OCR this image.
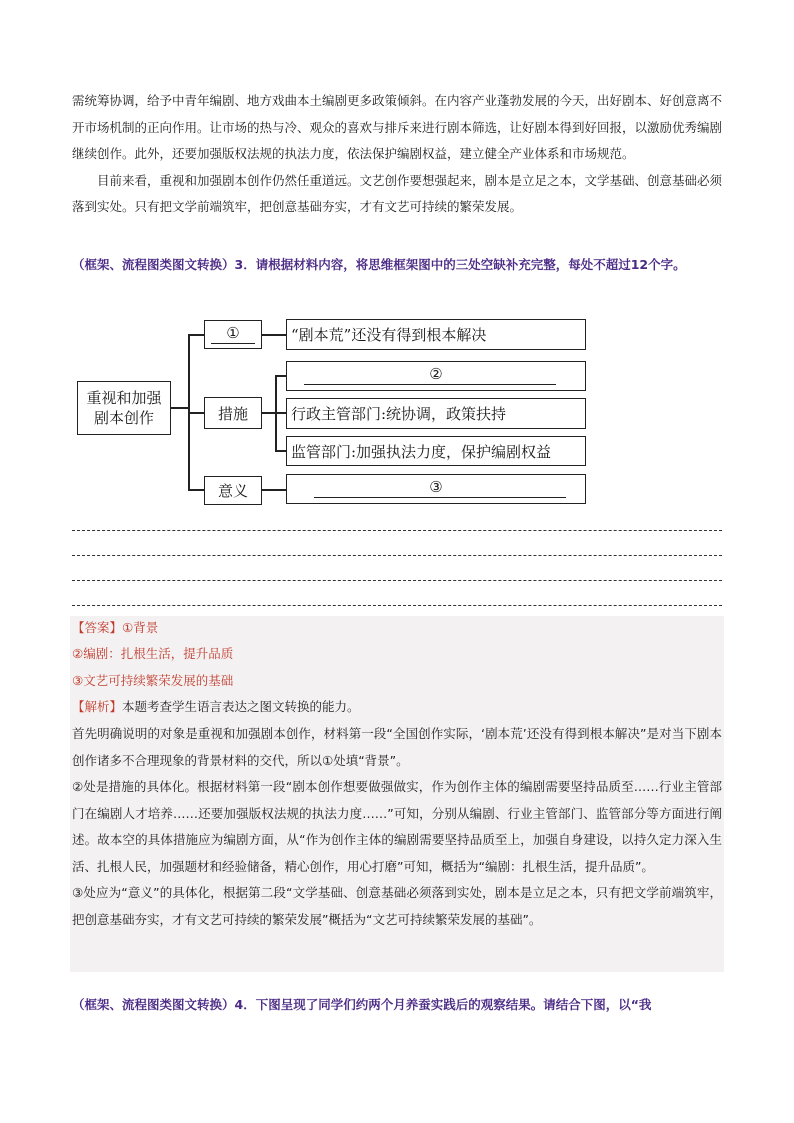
需统筹协调，给予中青年编剧、地方戏曲本土编剧更多政策倾斜。在内容产业蓬勃发展的今天，出好剧本、好创意离不开市场机制的正向作用。让市场的热与冷、观众的喜欢与排斥来进行剧本筛选，让好剧本得到好回报，以激励优秀编剧继续创作。此外，还要加强版权法规的执法力度，依法保护编剧权益，建立健全产业体系和市场规范。

目前来看，重视和加强剧本创作仍然任重道远。文艺创作要想强起来，剧本是立足之本，文学基础、创意基础必须落到实处。只有把文学前端筑牢，把创意基础夯实，才有文艺可持续的繁荣发展。

（框架、流程图类图文转换）3．请根据材料内容，将思维框架图中的三处空缺补充完整，每处不超过12个字。
重视和加强剧本创作
①	“剧本荒”还没有得到根本解决
措施
②
行政主管部门:统协调，政策扶持
监管部门:加强执法力度，保护编剧权益
意义	③
【答案】①背景
②编剧：扎根生活，提升品质
③文艺可持续繁荣发展的基础
【解析】本题考查学生语言表达之图文转换的能力。

首先明确说明的对象是重视和加强剧本创作，材料第一段“全国创作实际，‘剧本荒’还没有得到根本解决”是对当下剧本创作诸多不合理现象的背景材料的交代，所以①处填“背景”。

②处是措施的具体化。根据材料第一段“剧本创作想要做强做实，作为创作主体的编剧需要坚持品质至……行业主管部门在编剧人才培养……还要加强版权法规的执法力度……”可知，分别从编剧、行业主管部门、监管部分等方面进行阐述。故本空的具体措施应为编剧方面，从“作为创作主体的编剧需要坚持品质至上，加强自身建设，以持久定力深入生活、扎根人民，加强题材和经验储备，精心创作，用心打磨”可知，概括为“编剧：扎根生活，提升品质”。

③处应为“意义”的具体化，根据第二段“文学基础、创意基础必须落到实处，剧本是立足之本，只有把文学前端筑牢，把创意基础夯实，才有文艺可持续的繁荣发展”概括为“文艺可持续繁荣发展的基础”。

（框架、流程图类图文转换）4．下图呈现了同学们约两个月养蚕实践后的观察结果。请结合下图，以“我
